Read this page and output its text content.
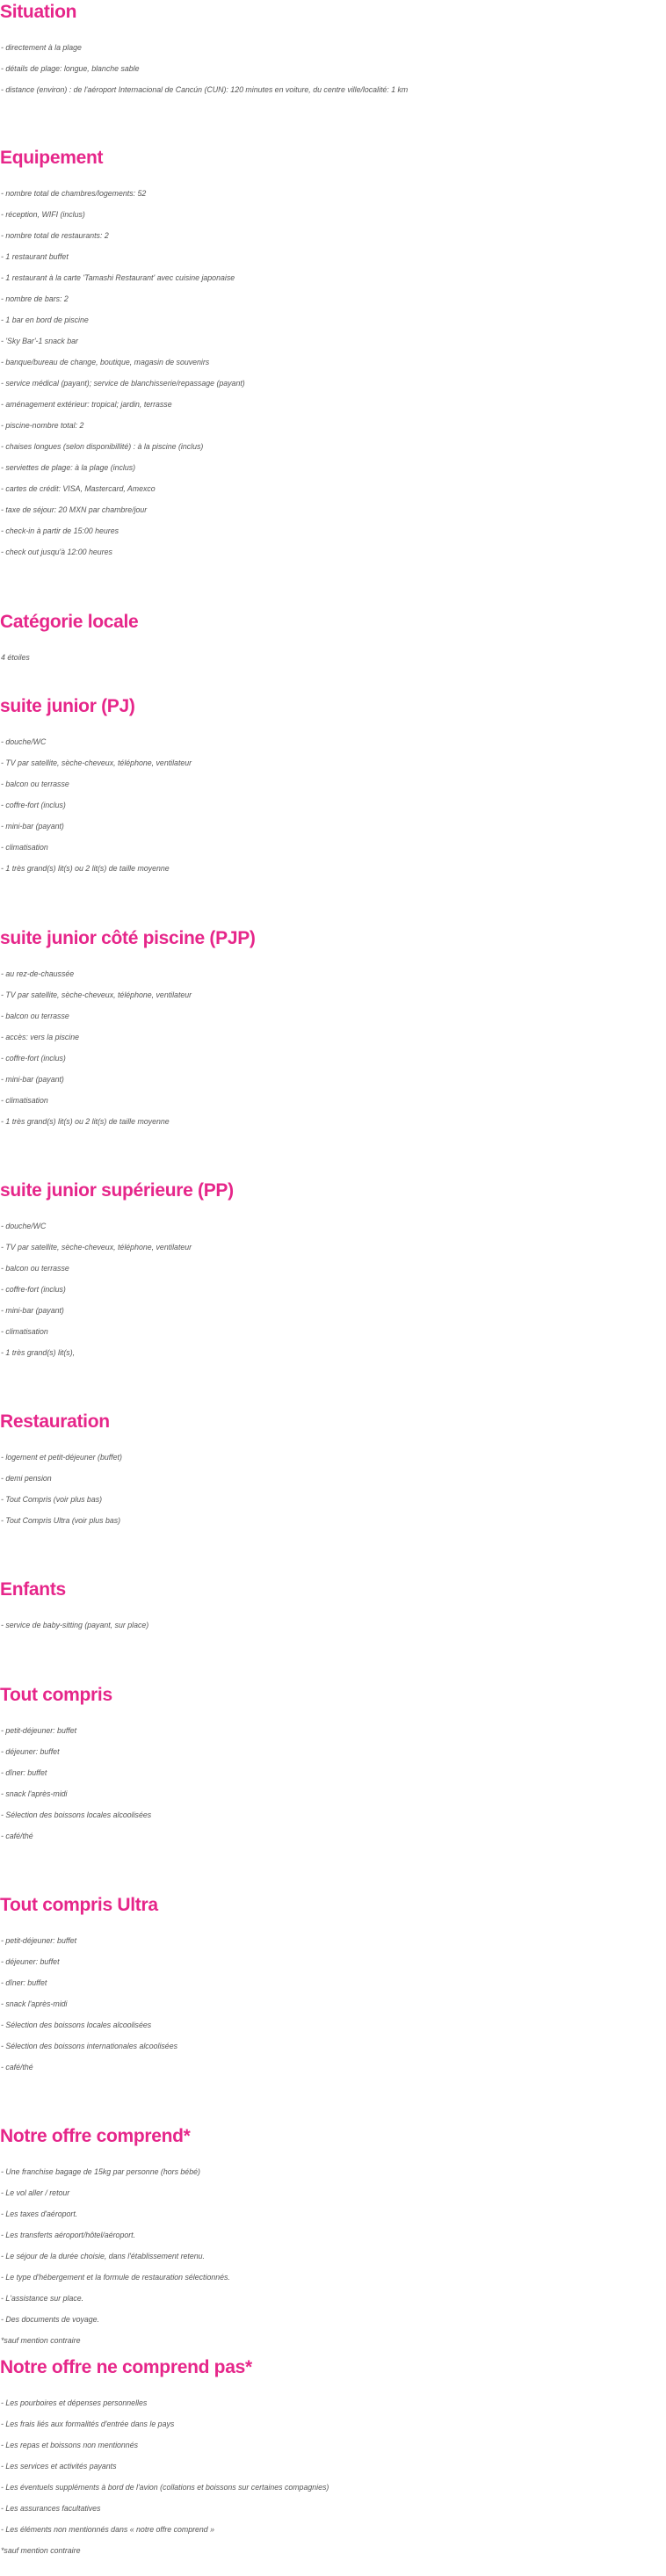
Situation
- directement à la plage
- détails de plage: longue, blanche sable
- distance (environ) : de l'aéroport Internacional de Cancún (CUN): 120 minutes en voiture, du centre ville/localité: 1 km
Equipement
- nombre total de chambres/logements: 52
- réception, WIFI (inclus)
- nombre total de restaurants: 2
- 1 restaurant buffet
- 1 restaurant à la carte 'Tamashi Restaurant' avec cuisine japonaise
- nombre de bars: 2
- 1 bar en bord de piscine
- 'Sky Bar'-1 snack bar
- banque/bureau de change, boutique, magasin de souvenirs
- service médical (payant); service de blanchisserie/repassage (payant)
- aménagement extérieur: tropical; jardin, terrasse
- piscine-nombre total: 2
- chaises longues (selon disponibillité) : à la piscine (inclus)
- serviettes de plage: à la plage (inclus)
- cartes de crédit: VISA, Mastercard, Amexco
- taxe de séjour: 20 MXN par chambre/jour
- check-in à partir de 15:00 heures
- check out jusqu'à 12:00 heures
Catégorie locale
4 étoiles
suite junior (PJ)
- douche/WC
- TV par satellite, sèche-cheveux, téléphone, ventilateur
- balcon ou terrasse
- coffre-fort (inclus)
- mini-bar (payant)
- climatisation
- 1 très grand(s) lit(s) ou 2 lit(s) de taille moyenne
suite junior côté piscine (PJP)
- au rez-de-chaussée
- TV par satellite, sèche-cheveux, téléphone, ventilateur
- balcon ou terrasse
- accès: vers la piscine
- coffre-fort (inclus)
- mini-bar (payant)
- climatisation
- 1 très grand(s) lit(s) ou 2 lit(s) de taille moyenne
suite junior supérieure (PP)
- douche/WC
- TV par satellite, sèche-cheveux, téléphone, ventilateur
- balcon ou terrasse
- coffre-fort (inclus)
- mini-bar (payant)
- climatisation
- 1 très grand(s) lit(s),
Restauration
- logement et petit-déjeuner (buffet)
- demi pension
- Tout Compris (voir plus bas)
- Tout Compris Ultra (voir plus bas)
Enfants
- service de baby-sitting (payant, sur place)
Tout compris
- petit-déjeuner: buffet
- déjeuner: buffet
- dîner: buffet
- snack l'après-midi
- Sélection des boissons locales alcoolisées
- café/thé
Tout compris Ultra
- petit-déjeuner: buffet
- déjeuner: buffet
- dîner: buffet
- snack l'après-midi
- Sélection des boissons locales alcoolisées
- Sélection des boissons internationales alcoolisées
- café/thé
Notre offre comprend*
- Une franchise bagage de 15kg par personne (hors bébé)
- Le vol aller / retour
- Les taxes d'aéroport.
- Les transferts aéroport/hôtel/aéroport.
- Le séjour de la durée choisie, dans l'établissement retenu.
- Le type d'hébergement et la formule de restauration sélectionnés.
- L'assistance sur place.
- Des documents de voyage.
*sauf mention contraire
Notre offre ne comprend pas*
- Les pourboires et dépenses personnelles
- Les frais liés aux formalités d'entrée dans le pays
- Les repas et boissons non mentionnés
- Les services et activités payants
- Les éventuels suppléments à bord de l'avion (collations et boissons sur certaines compagnies)
- Les assurances facultatives
- Les éléments non mentionnés dans « notre offre comprend »
*sauf mention contraire
